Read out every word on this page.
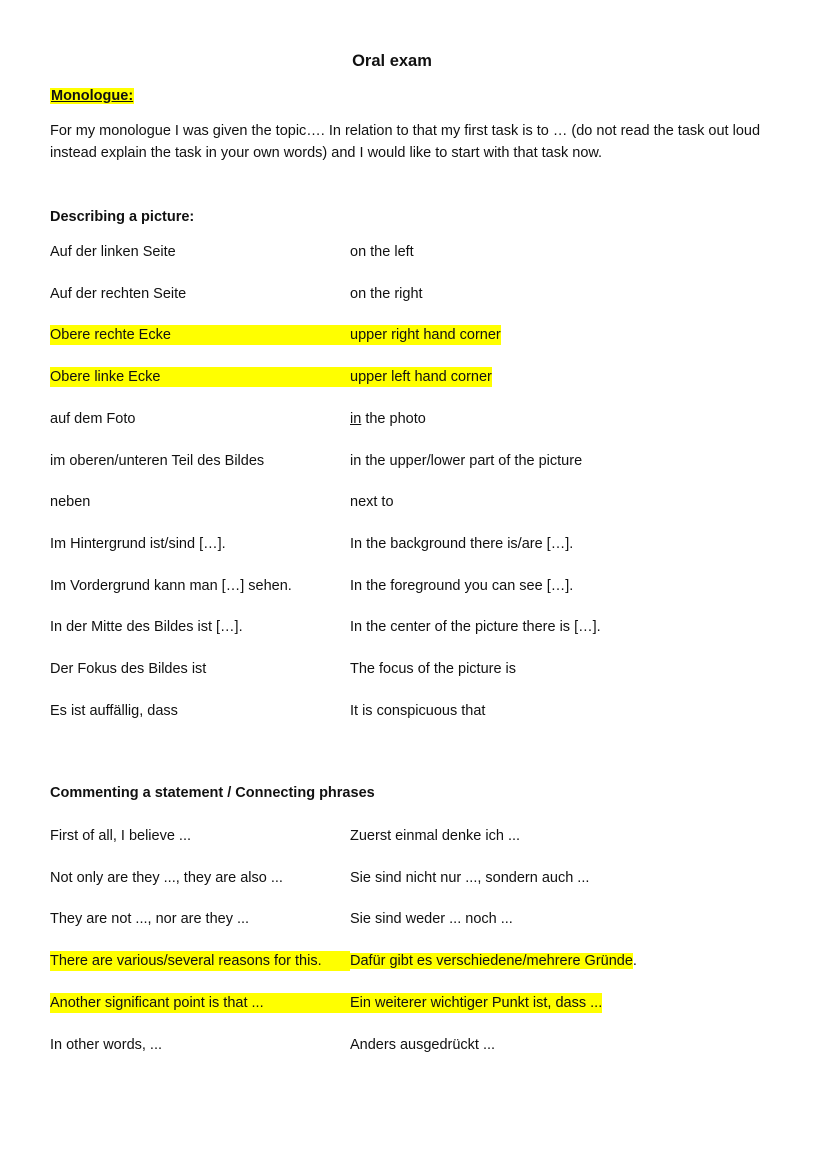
Oral exam
Monologue:
For my monologue I was given the topic…. In relation to that my first task is to … (do not read the task out loud instead explain the task in your own words) and I would like to start with that task now.
Describing a picture:
Auf der linken Seite	on the left
Auf der rechten Seite	on the right
Obere rechte Ecke	upper right hand corner
Obere linke Ecke	upper left hand corner
auf dem Foto	in the photo
im oberen/unteren Teil des Bildes	in the upper/lower part of the picture
neben	next to
Im Hintergrund ist/sind […].	In the background there is/are […].
Im Vordergrund kann man […] sehen.	In the foreground you can see […].
In der Mitte des Bildes ist […].	In the center of the picture there is […].
Der Fokus des Bildes ist	The focus of the picture is
Es ist auffällig, dass	It is conspicuous that
Commenting a statement / Connecting phrases
First of all, I believe ...	Zuerst einmal denke ich ...
Not only are they ..., they are also ...	Sie sind nicht nur ..., sondern auch ...
They are not ..., nor are they ...	Sie sind weder ... noch ...
There are various/several reasons for this.	Dafür gibt es verschiedene/mehrere Gründe.
Another significant point is that ...	Ein weiterer wichtiger Punkt ist, dass ...
In other words, ...	Anders ausgedrückt ...
